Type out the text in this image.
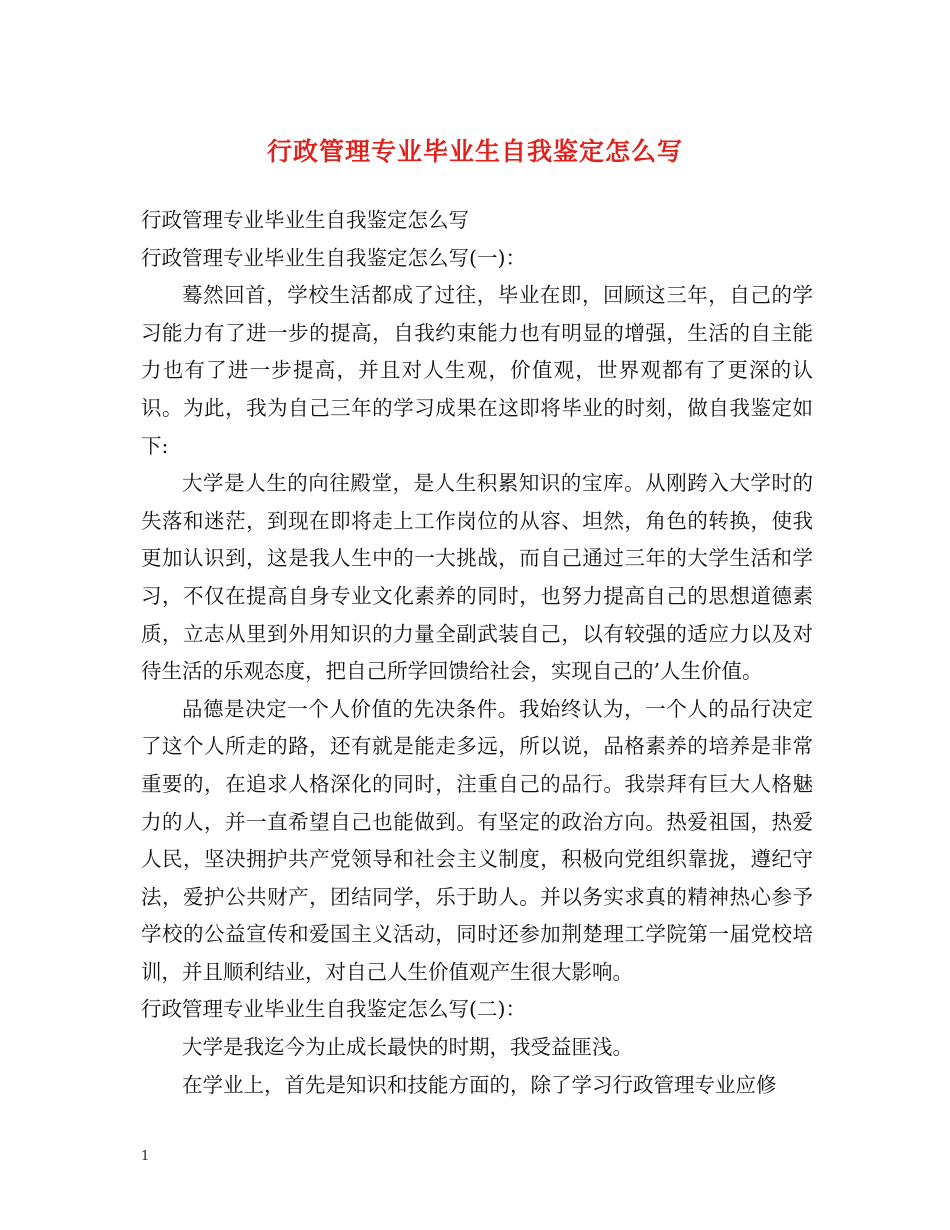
行政管理专业毕业生自我鉴定怎么写

行政管理专业毕业生自我鉴定怎么写

行政管理专业毕业生自我鉴定怎么写(一)：

蓦然回首，学校生活都成了过往，毕业在即，回顾这三年，自己的学习能力有了进一步的提高，自我约束能力也有明显的增强，生活的自主能力也有了进一步提高，并且对人生观，价值观，世界观都有了更深的认识。为此，我为自己三年的学习成果在这即将毕业的时刻，做自我鉴定如下:

大学是人生的向往殿堂，是人生积累知识的宝库。从刚跨入大学时的失落和迷茫，到现在即将走上工作岗位的从容、坦然，角色的转换，使我更加认识到，这是我人生中的一大挑战，而自己通过三年的大学生活和学习，不仅在提高自身专业文化素养的同时，也努力提高自己的思想道德素质，立志从里到外用知识的力量全副武装自己，以有较强的适应力以及对待生活的乐观态度，把自己所学回馈给社会，实现自己的’人生价值。

品德是决定一个人价值的先决条件。我始终认为，一个人的品行决定了这个人所走的路，还有就是能走多远，所以说，品格素养的培养是非常重要的，在追求人格深化的同时，注重自己的品行。我崇拜有巨大人格魅力的人，并一直希望自己也能做到。有坚定的政治方向。热爱祖国，热爱人民，坚决拥护共产党领导和社会主义制度，积极向党组织靠拢，遵纪守法，爱护公共财产，团结同学，乐于助人。并以务实求真的精神热心参予学校的公益宣传和爱国主义活动，同时还参加荆楚理工学院第一届党校培训，并且顺利结业，对自己人生价值观产生很大影响。

行政管理专业毕业生自我鉴定怎么写(二)：

大学是我迄今为止成长最快的时期，我受益匪浅。

在学业上，首先是知识和技能方面的，除了学习行政管理专业应修

1
